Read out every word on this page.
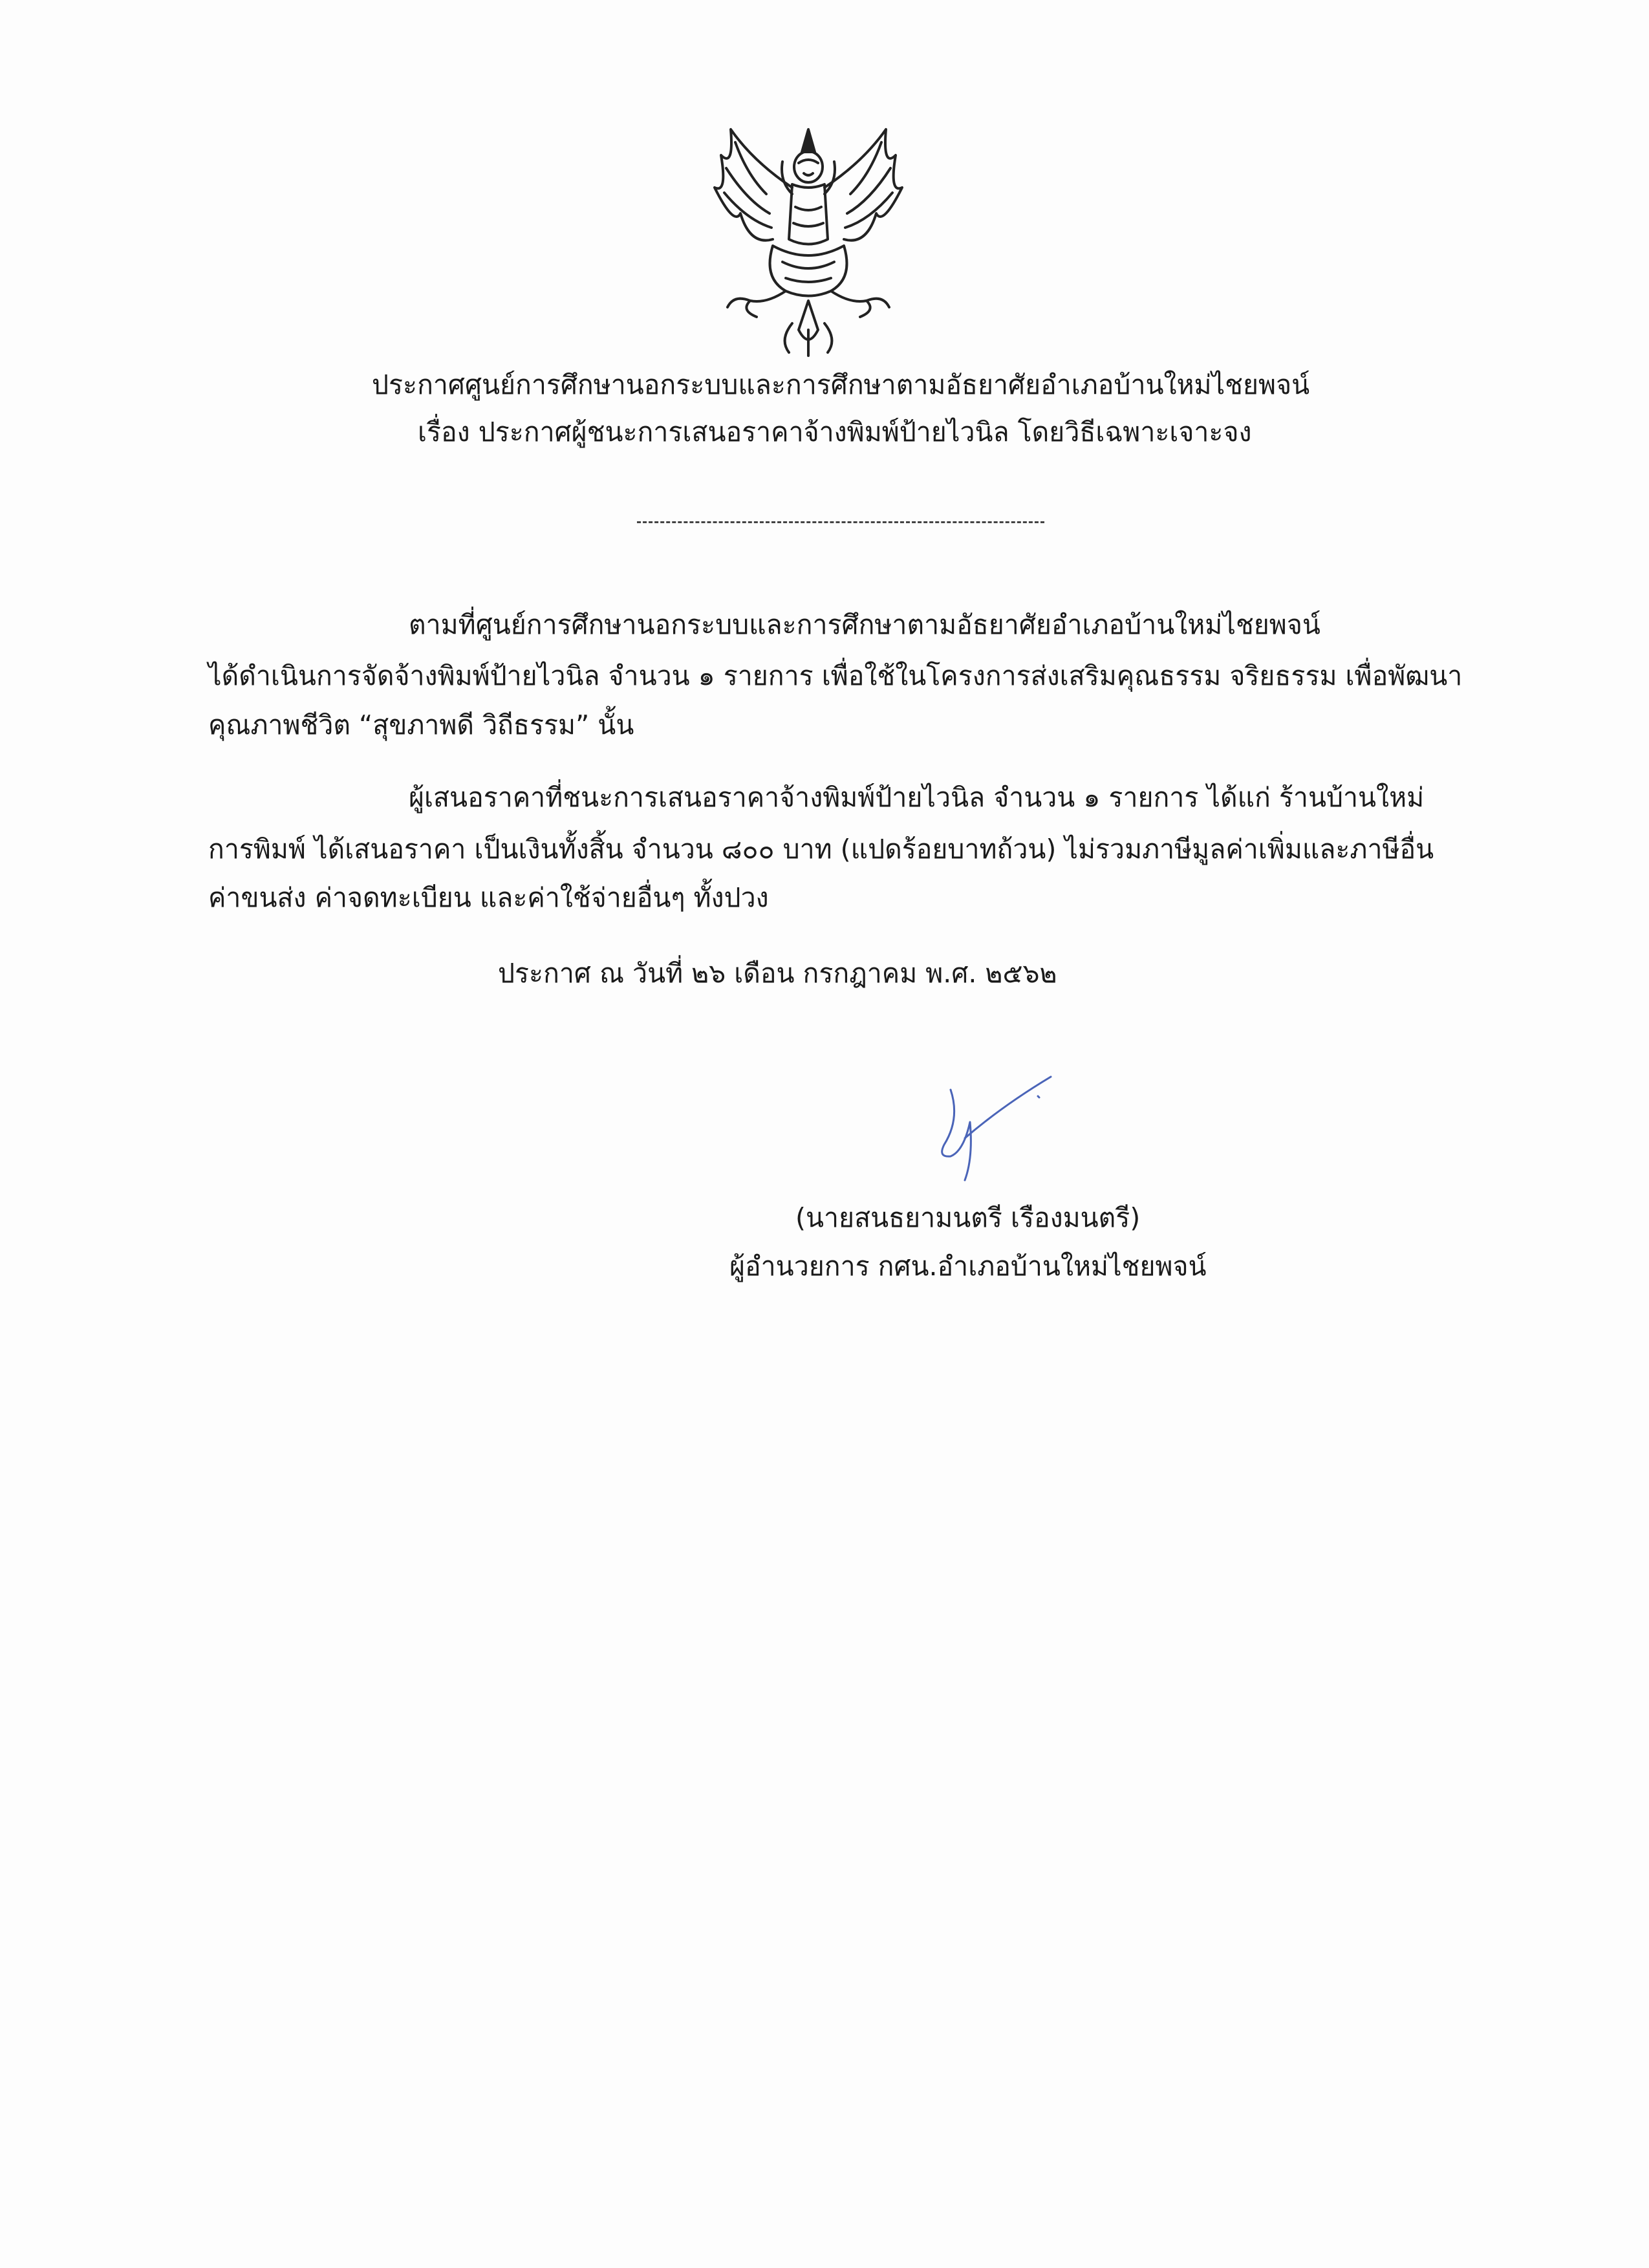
ประกาศศูนย์การศึกษานอกระบบและการศึกษาตามอัธยาศัยอำเภอบ้านใหม่ไชยพจน์
เรื่อง ประกาศผู้ชนะการเสนอราคาจ้างพิมพ์ป้ายไวนิล โดยวิธีเฉพาะเจาะจง
ตามที่ศูนย์การศึกษานอกระบบและการศึกษาตามอัธยาศัยอำเภอบ้านใหม่ไชยพจน์
ได้ดำเนินการจัดจ้างพิมพ์ป้ายไวนิล จำนวน ๑ รายการ เพื่อใช้ในโครงการส่งเสริมคุณธรรม จริยธรรม เพื่อพัฒนา
คุณภาพชีวิต “สุขภาพดี วิถีธรรม” นั้น
ผู้เสนอราคาที่ชนะการเสนอราคาจ้างพิมพ์ป้ายไวนิล จำนวน ๑ รายการ ได้แก่ ร้านบ้านใหม่
การพิมพ์ ได้เสนอราคา เป็นเงินทั้งสิ้น จำนวน ๘๐๐ บาท (แปดร้อยบาทถ้วน) ไม่รวมภาษีมูลค่าเพิ่มและภาษีอื่น
ค่าขนส่ง ค่าจดทะเบียน และค่าใช้จ่ายอื่นๆ ทั้งปวง
ประกาศ ณ วันที่ ๒๖ เดือน กรกฎาคม พ.ศ. ๒๕๖๒
(นายสนธยามนตรี เรืองมนตรี)
ผู้อำนวยการ กศน.อำเภอบ้านใหม่ไชยพจน์
